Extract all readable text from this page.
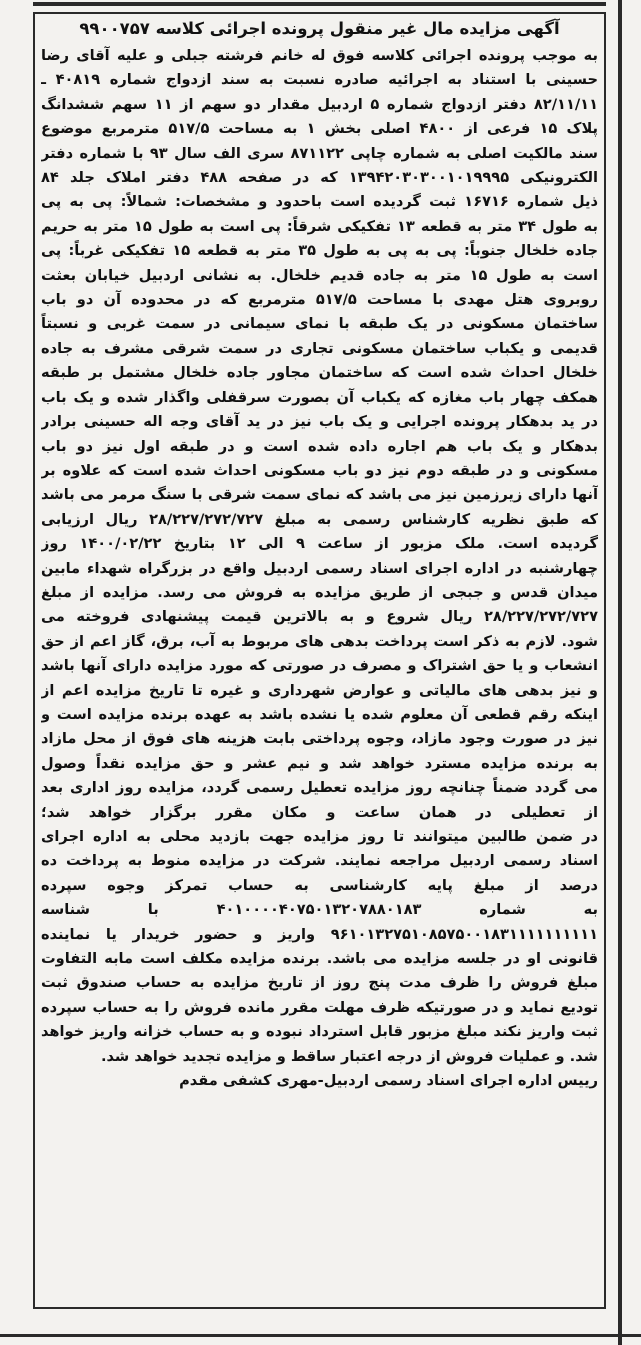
آگهی مزایده مال غیر منقول پرونده اجرائی کلاسه ۹۹۰۰۷۵۷
به موجب پرونده اجرائی کلاسه فوق له خانم فرشته جبلی و علیه آقای رضا
حسینی با استناد به اجرائیه صادره نسبت به سند ازدواج شماره ۴۰۸۱۹ ـ
۸۲/۱۱/۱۱ دفتر ازدواج شماره ۵ اردبیل مقدار دو سهم از ۱۱ سهم ششدانگ
پلاک ۱۵ فرعی از ۴۸۰۰ اصلی بخش ۱ به مساحت ۵۱۷/۵ مترمربع موضوع
سند مالکیت اصلی به شماره چاپی ۸۷۱۱۲۲ سری الف سال ۹۳ با شماره دفتر
الکترونیکی ۱۳۹۴۲۰۳۰۳۰۰۱۰۱۹۹۹۵ که در صفحه ۴۸۸ دفتر املاک جلد ۸۴
ذیل شماره ۱۶۷۱۶ ثبت گردیده است باحدود و مشخصات: شمالاً: پی به پی
به طول ۳۴ متر به قطعه ۱۳ تفکیکی شرقاً: پی است به طول ۱۵ متر به حریم
جاده خلخال جنوباً: پی به پی به طول ۳۵ متر به قطعه ۱۵ تفکیکی غرباً: پی
است به طول ۱۵ متر به جاده قدیم خلخال. به نشانی اردبیل خیابان بعثت
روبروی هتل مهدی با مساحت ۵۱۷/۵ مترمربع که در محدوده آن دو باب
ساختمان مسکونی در یک طبقه با نمای سیمانی در سمت غربی و نسبتاً
قدیمی و یکباب ساختمان مسکونی تجاری در سمت شرقی مشرف به جاده
خلخال احداث شده است که ساختمان مجاور جاده خلخال مشتمل بر طبقه
همکف چهار باب مغازه که یکباب آن بصورت سرقفلی واگذار شده و یک باب
در ید بدهکار پرونده اجرایی و یک باب نیز در ید آقای وجه اله حسینی برادر
بدهکار و یک باب هم اجاره داده شده است و در طبقه اول نیز دو باب
مسکونی و در طبقه دوم نیز دو باب مسکونی احداث شده است که علاوه بر
آنها دارای زیرزمین نیز می باشد که نمای سمت شرقی با سنگ مرمر می باشد
که طبق نظریه کارشناس رسمی به مبلغ ۲۸/۲۲۷/۲۷۲/۷۲۷ ریال ارزیابی
گردیده است. ملک مزبور از ساعت ۹ الی ۱۲ بتاریخ ۱۴۰۰/۰۲/۲۲ روز
چهارشنبه در اداره اجرای اسناد رسمی اردبیل واقع در بزرگراه شهداء مابین
میدان قدس و جبجی از طریق مزایده به فروش می رسد. مزایده از مبلغ
۲۸/۲۲۷/۲۷۲/۷۲۷ ریال شروع و به بالاترین قیمت پیشنهادی فروخته می
شود. لازم به ذکر است پرداخت بدهی های مربوط به آب، برق، گاز اعم از حق
انشعاب و یا حق اشتراک و مصرف در صورتی که مورد مزایده دارای آنها باشد
و نیز بدهی های مالیاتی و عوارض شهرداری و غیره تا تاریخ مزایده اعم از
اینکه رقم قطعی آن معلوم شده یا نشده باشد به عهده برنده مزایده است و
نیز در صورت وجود مازاد، وجوه پرداختی بابت هزینه های فوق از محل مازاد
به برنده مزایده مسترد خواهد شد و نیم عشر و حق مزایده نقداً وصول
می گردد ضمناً چنانچه روز مزایده تعطیل رسمی گردد، مزایده روز اداری بعد
از تعطیلی در همان ساعت و مکان مقرر برگزار خواهد شد؛
در ضمن طالبین میتوانند تا روز مزایده جهت بازدید محلی به اداره اجرای
اسناد رسمی اردبیل مراجعه نمایند. شرکت در مزایده منوط به پرداخت ده
درصد از مبلغ پایه کارشناسی به حساب تمرکز وجوه سپرده
به شماره ۴۰۱۰۰۰۰۴۰۷۵۰۱۳۲۰۷۸۸۰۱۸۳ با شناسه
۹۶۱۰۱۳۲۷۵۱۰۸۵۷۵۰۰۱۸۳۱۱۱۱۱۱۱۱۱۱ واریز و حضور خریدار یا نماینده
قانونی او در جلسه مزایده می باشد. برنده مزایده مکلف است مابه التفاوت
مبلغ فروش را ظرف مدت پنج روز از تاریخ مزایده به حساب صندوق ثبت
تودیع نماید و در صورتیکه ظرف مهلت مقرر مانده فروش را به حساب سپرده
ثبت واریز نکند مبلغ مزبور قابل استرداد نبوده و به حساب خزانه واریز خواهد
شد. و عملیات فروش از درجه اعتبار ساقط و مزایده تجدید خواهد شد.
رییس اداره اجرای اسناد رسمی اردبیل-مهری کشفی مقدم
